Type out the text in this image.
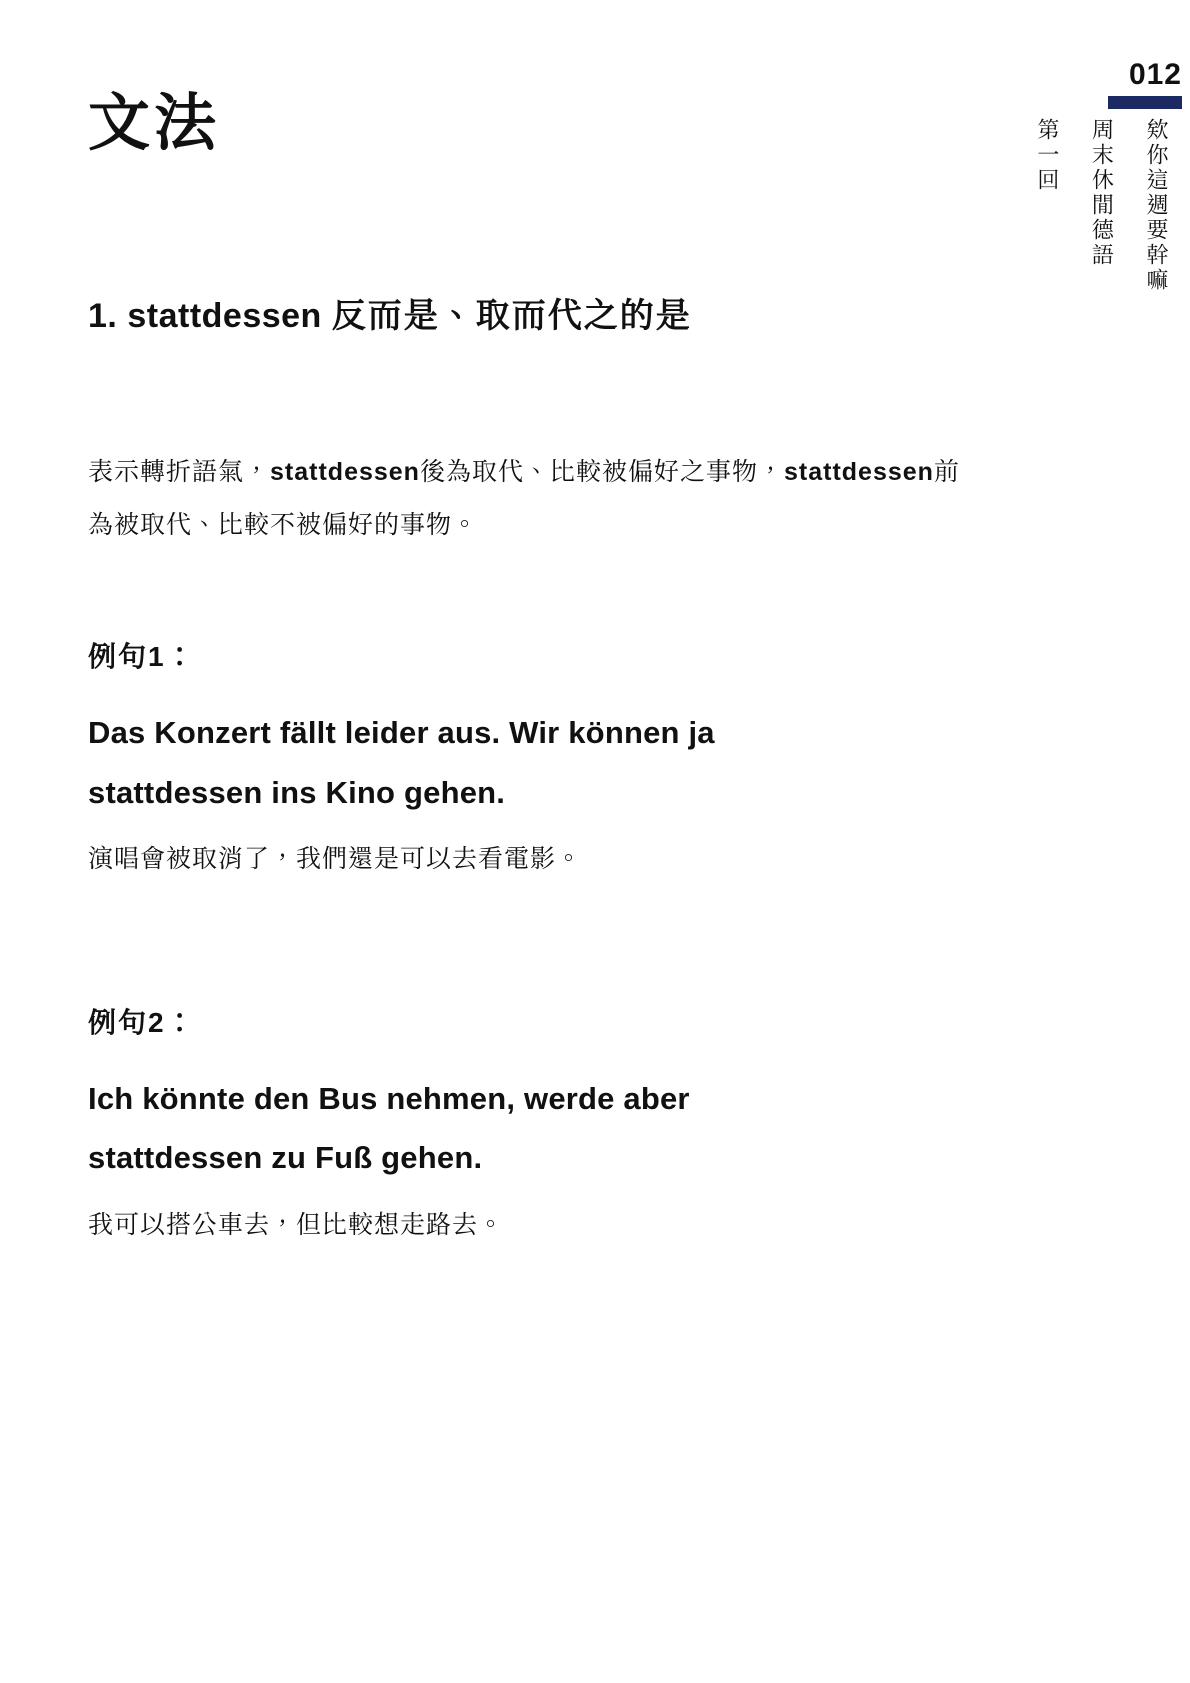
012
欸你這週要幹嘛
周末休閒德語
第一回
文法
1. stattdessen 反而是、取而代之的是

表示轉折語氣，stattdessen後為取代、比較被偏好之事物，stattdessen前為被取代、比較不被偏好的事物。

例句1：

Das Konzert fällt leider aus. Wir können ja stattdessen ins Kino gehen.

演唱會被取消了，我們還是可以去看電影。

例句2：

Ich könnte den Bus nehmen, werde aber stattdessen zu Fuß gehen.

我可以搭公車去，但比較想走路去。
